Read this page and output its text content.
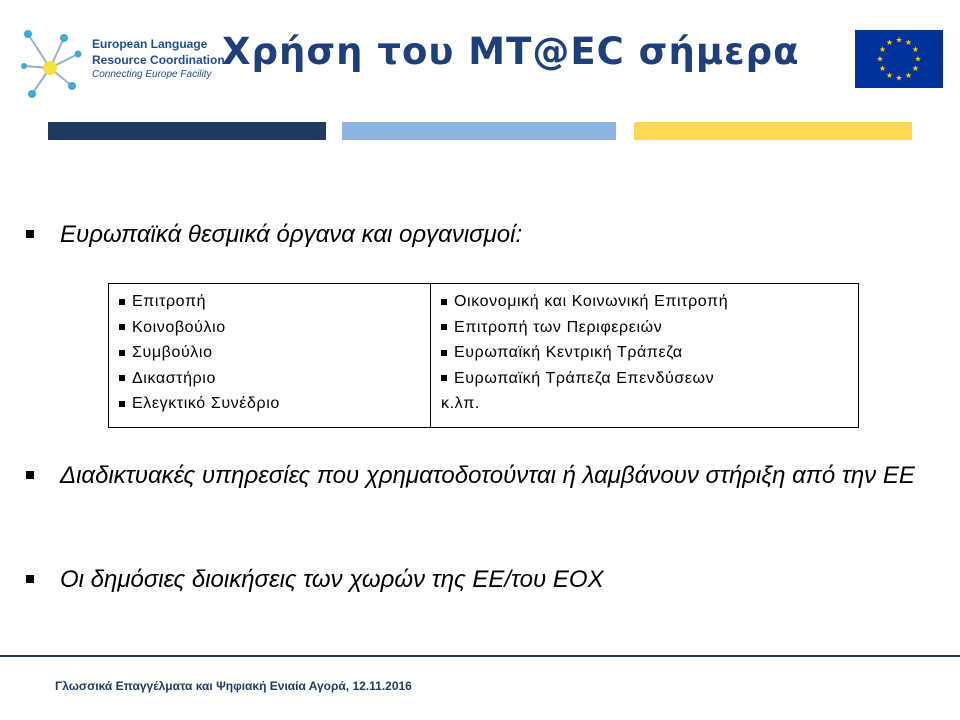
European Language
Resource Coordination
Connecting Europe Facility
Χρήση του MT@EC σήμερα	★ ★
★
★
★
★
★
★
★
★
★
★
Ευρωπαϊκά θεσμικά όργανα και οργανισμοί:
Επιτροπή
Κοινοβούλιο
Συμβούλιο
Δικαστήριο
Ελεγκτικό Συνέδριο
Οικονομική και Κοινωνική Επιτροπή
Επιτροπή των Περιφερειών
Ευρωπαϊκή Κεντρική Τράπεζα
Ευρωπαϊκή Τράπεζα Επενδύσεων
κ.λπ.
Διαδικτυακές υπηρεσίες που χρηματοδοτούνται ή λαμβάνουν στήριξη από την ΕΕ
Οι δημόσιες διοικήσεις των χωρών της ΕΕ/του ΕΟΧ
Γλωσσικά Επαγγέλματα και Ψηφιακή Ενιαία Αγορά, 12.11.2016
